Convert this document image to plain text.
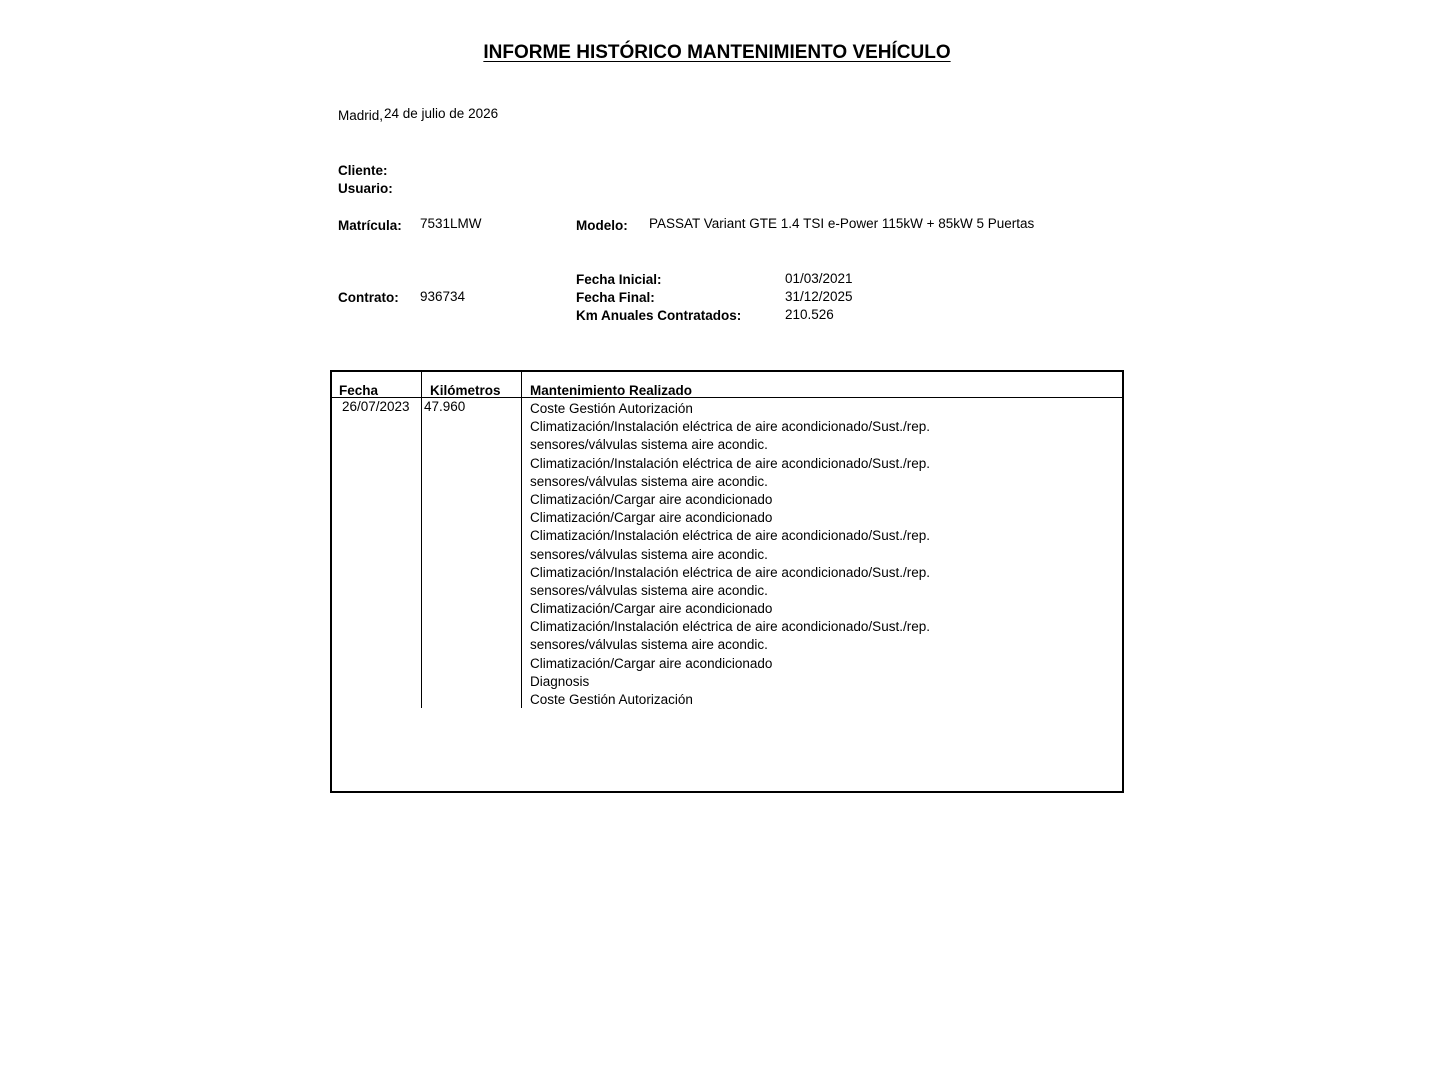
INFORME HISTÓRICO MANTENIMIENTO VEHÍCULO
Madrid, 24 de julio de 2026
Cliente:
Usuario:
Matrícula: 7531LMW	Modelo: PASSAT Variant GTE 1.4 TSI e-Power 115kW + 85kW 5 Puertas
Fecha Inicial:	01/03/2021
Contrato: 936734	Fecha Final:	31/12/2025
Km Anuales Contratados:	210.526
Fecha	Kilómetros Mantenimiento Realizado
26/07/2023 47.960	Coste Gestión Autorización
Climatización/Instalación eléctrica de aire acondicionado/Sust./rep.
sensores/válvulas sistema aire acondic.
Climatización/Instalación eléctrica de aire acondicionado/Sust./rep.
sensores/válvulas sistema aire acondic.
Climatización/Cargar aire acondicionado
Climatización/Cargar aire acondicionado
Climatización/Instalación eléctrica de aire acondicionado/Sust./rep.
sensores/válvulas sistema aire acondic.
Climatización/Instalación eléctrica de aire acondicionado/Sust./rep.
sensores/válvulas sistema aire acondic.
Climatización/Cargar aire acondicionado
Climatización/Instalación eléctrica de aire acondicionado/Sust./rep.
sensores/válvulas sistema aire acondic.
Climatización/Cargar aire acondicionado
Diagnosis
Coste Gestión Autorización
